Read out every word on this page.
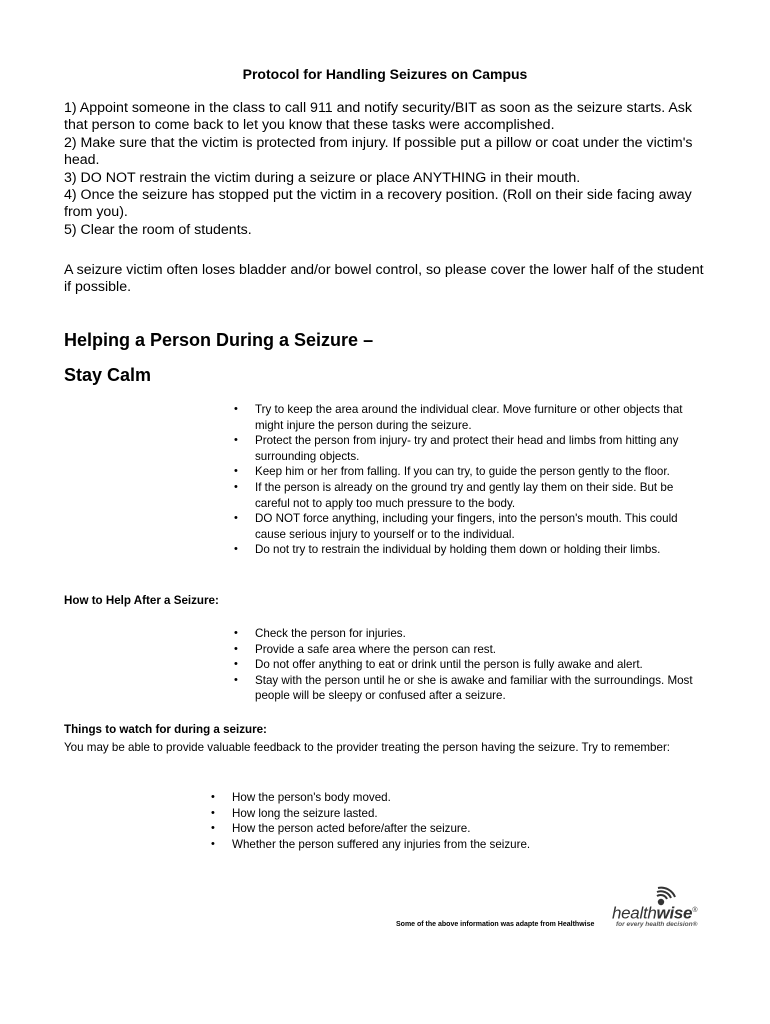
Protocol for Handling Seizures on Campus

1) Appoint someone in the class to call 911 and notify security/BIT as soon as the seizure starts. Ask that person to come back to let you know that these tasks were accomplished.

2) Make sure that the victim is protected from injury. If possible put a pillow or coat under the victim's head.

3) DO NOT restrain the victim during a seizure or place ANYTHING in their mouth.

4) Once the seizure has stopped put the victim in a recovery position. (Roll on their side facing away from you).

5) Clear the room of students.

A seizure victim often loses bladder and/or bowel control, so please cover the lower half of the student if possible.

Helping a Person During a Seizure –
Stay Calm
• Try to keep the area around the individual clear. Move furniture or other objects that might injure the person during the seizure.
• Protect the person from injury- try and protect their head and limbs from hitting any surrounding objects.
• Keep him or her from falling. If you can try, to guide the person gently to the floor.
• If the person is already on the ground try and gently lay them on their side. But be careful not to apply too much pressure to the body.
• DO NOT force anything, including your fingers, into the person's mouth. This could cause serious injury to yourself or to the individual.
• Do not try to restrain the individual by holding them down or holding their limbs.

How to Help After a Seizure:

• Check the person for injuries.
• Provide a safe area where the person can rest.
• Do not offer anything to eat or drink until the person is fully awake and alert.
• Stay with the person until he or she is awake and familiar with the surroundings. Most people will be sleepy or confused after a seizure.

Things to watch for during a seizure:

You may be able to provide valuable feedback to the provider treating the person having the seizure. Try to remember:

• How the person's body moved.
• How long the seizure lasted.
• How the person acted before/after the seizure.
• Whether the person suffered any injuries from the seizure.
Some of the above information was adapte from Healthwise
healthwise®
for every health decision®
